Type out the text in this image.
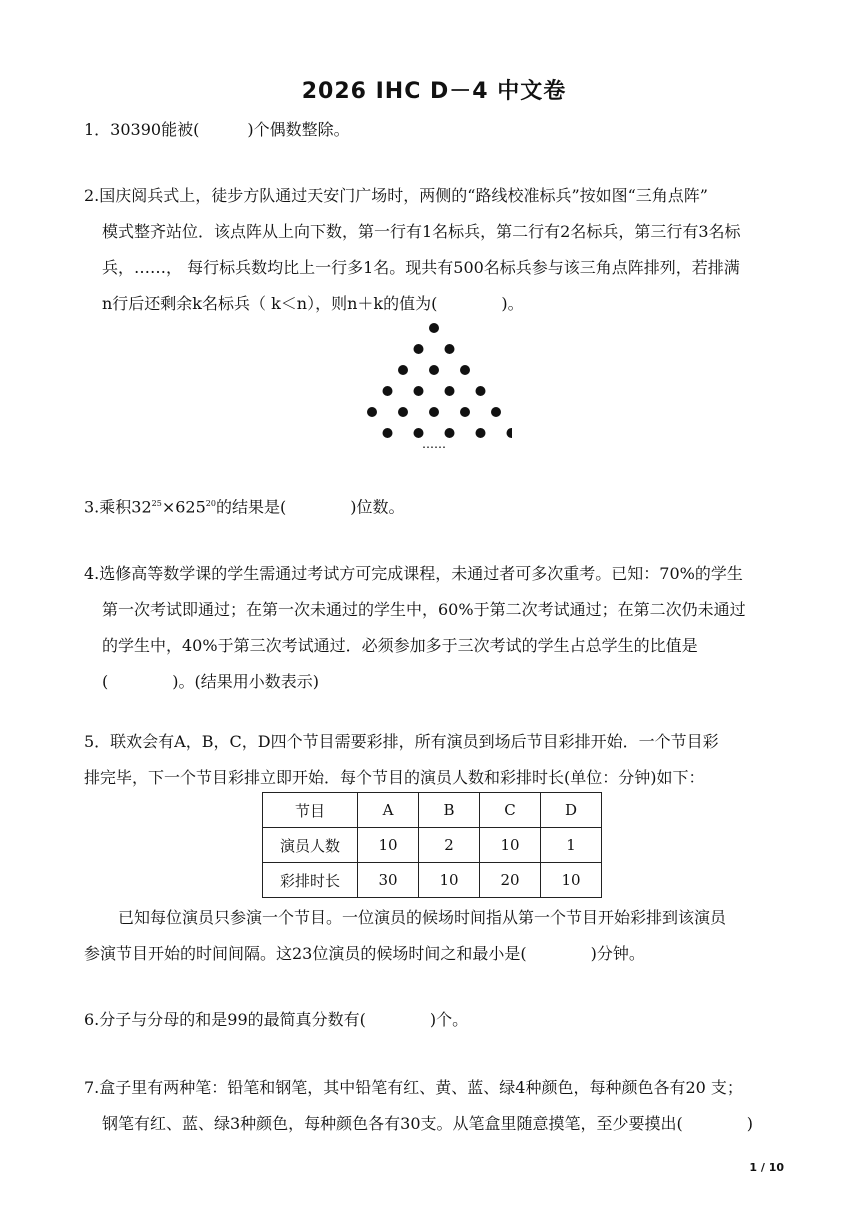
2026 IHC D－4 中文卷
1．30390能被(　　　)个偶数整除。
2.国庆阅兵式上，徒步方队通过天安门广场时，两侧的“路线校准标兵”按如图“三角点阵”
模式整齐站位．该点阵从上向下数，第一行有1名标兵，第二行有2名标兵，第三行有3名标
兵，……， 每行标兵数均比上一行多1名。现共有500名标兵参与该三角点阵排列，若排满
n行后还剩余k名标兵（ k＜n），则n＋k的值为(　　　　)。
……
3.乘积$32^{25}\times 625^{20}$的结果是(　　　　)位数。
4.选修高等数学课的学生需通过考试方可完成课程，未通过者可多次重考。已知：70%的学生
第一次考试即通过；在第一次未通过的学生中，60%于第二次考试通过；在第二次仍未通过
的学生中，40%于第三次考试通过．必须参加多于三次考试的学生占总学生的比值是
(　　　　)。(结果用小数表示)
5．联欢会有A，B，C，D四个节目需要彩排，所有演员到场后节目彩排开始．一个节目彩
排完毕，下一个节目彩排立即开始．每个节目的演员人数和彩排时长(单位：分钟)如下：
节目	A	B	C	D
演员人数	10	2	10	1
彩排时长	30	10	20	10
已知每位演员只参演一个节目。一位演员的候场时间指从第一个节目开始彩排到该演员
参演节目开始的时间间隔。这23位演员的候场时间之和最小是(　　　　)分钟。
6.分子与分母的和是99的最简真分数有(　　　　)个。
7.盒子里有两种笔：铅笔和钢笔，其中铅笔有红、黄、蓝、绿4种颜色，每种颜色各有20 支；
钢笔有红、蓝、绿3种颜色，每种颜色各有30支。从笔盒里随意摸笔，至少要摸出(　　　　)
1 / 10
